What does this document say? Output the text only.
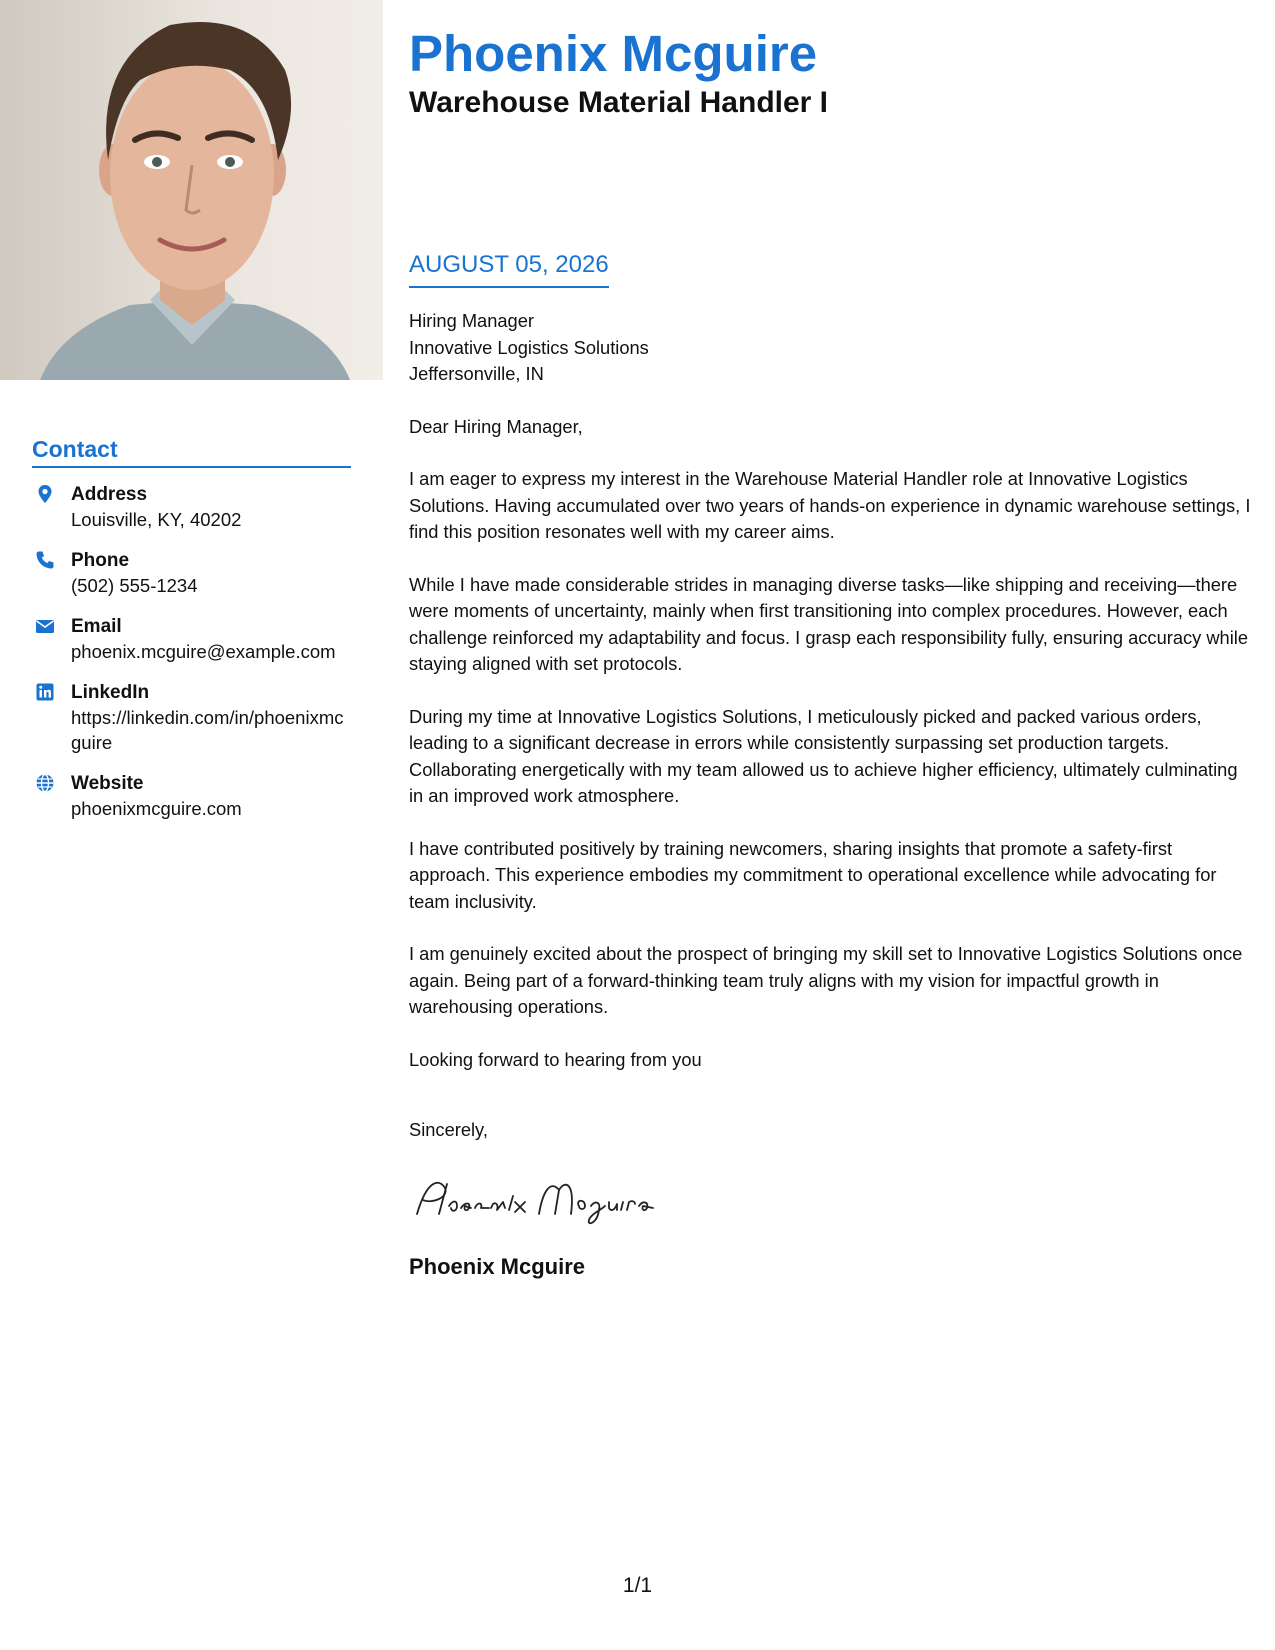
Contact
Address
Louisville, KY, 40202
Phone
(502) 555-1234
Email
phoenix.mcguire@example.com
LinkedIn
https://linkedin.com/in/phoenixmcguire
Website
phoenixmcguire.com
Phoenix Mcguire
Warehouse Material Handler I
AUGUST 05, 2026

Hiring Manager

Innovative Logistics Solutions

Jeffersonville, IN

Dear Hiring Manager,

I am eager to express my interest in the Warehouse Material Handler role at Innovative Logistics Solutions. Having accumulated over two years of hands-on experience in dynamic warehouse settings, I find this position resonates well with my career aims.

While I have made considerable strides in managing diverse tasks—like shipping and receiving—there were moments of uncertainty, mainly when first transitioning into complex procedures. However, each challenge reinforced my adaptability and focus. I grasp each responsibility fully, ensuring accuracy while staying aligned with set protocols.

During my time at Innovative Logistics Solutions, I meticulously picked and packed various orders, leading to a significant decrease in errors while consistently surpassing set production targets. Collaborating energetically with my team allowed us to achieve higher efficiency, ultimately culminating in an improved work atmosphere.

I have contributed positively by training newcomers, sharing insights that promote a safety-first approach. This experience embodies my commitment to operational excellence while advocating for team inclusivity.

I am genuinely excited about the prospect of bringing my skill set to Innovative Logistics Solutions once again. Being part of a forward-thinking team truly aligns with my vision for impactful growth in warehousing operations.

Looking forward to hearing from you

Sincerely,

Phoenix Mcguire

1/1
